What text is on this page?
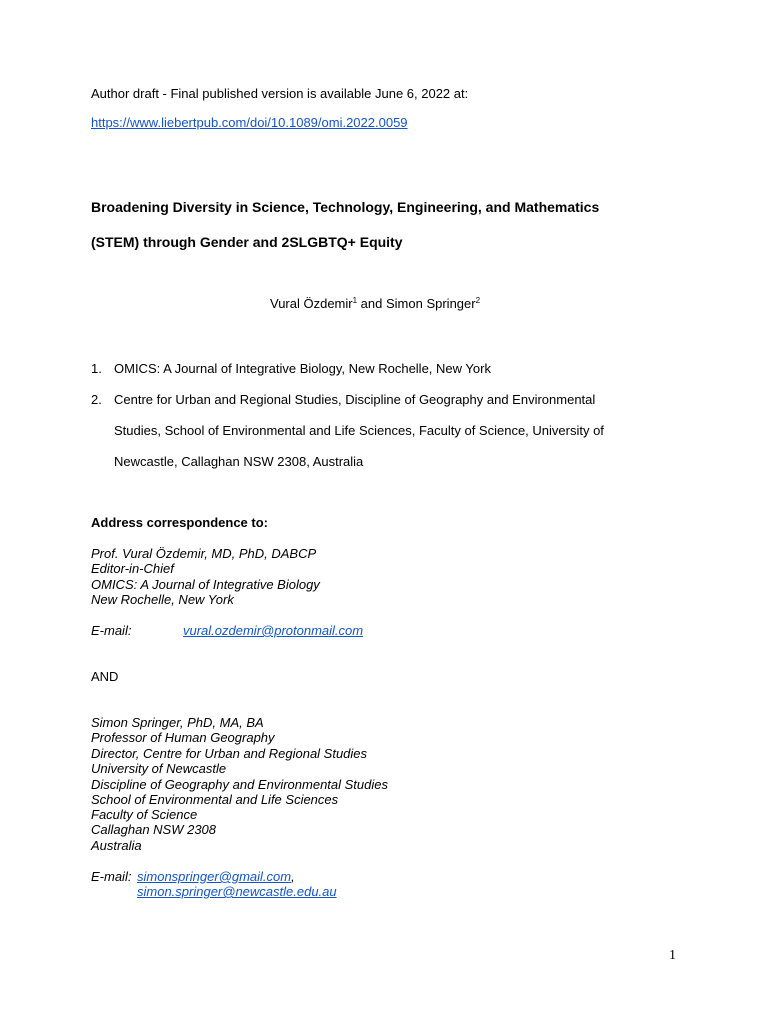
Author draft - Final published version is available June 6, 2022 at:
https://www.liebertpub.com/doi/10.1089/omi.2022.0059
Broadening Diversity in Science, Technology, Engineering, and Mathematics
(STEM) through Gender and 2SLGBTQ+ Equity
Vural Özdemir$^1$ and Simon Springer$^2$
1. OMICS: A Journal of Integrative Biology, New Rochelle, New York
2. Centre for Urban and Regional Studies, Discipline of Geography and Environmental
Studies, School of Environmental and Life Sciences, Faculty of Science, University of
Newcastle, Callaghan NSW 2308, Australia
Address correspondence to:
Prof. Vural Özdemir, MD, PhD, DABCP
Editor-in-Chief
OMICS: A Journal of Integrative Biology
New Rochelle, New York
E-mail:	vural.ozdemir@protonmail.com
AND
Simon Springer, PhD, MA, BA
Professor of Human Geography
Director, Centre for Urban and Regional Studies
University of Newcastle
Discipline of Geography and Environmental Studies
School of Environmental and Life Sciences
Faculty of Science
Callaghan NSW 2308
Australia
E-mail: simonspringer@gmail.com,
simon.springer@newcastle.edu.au
1
